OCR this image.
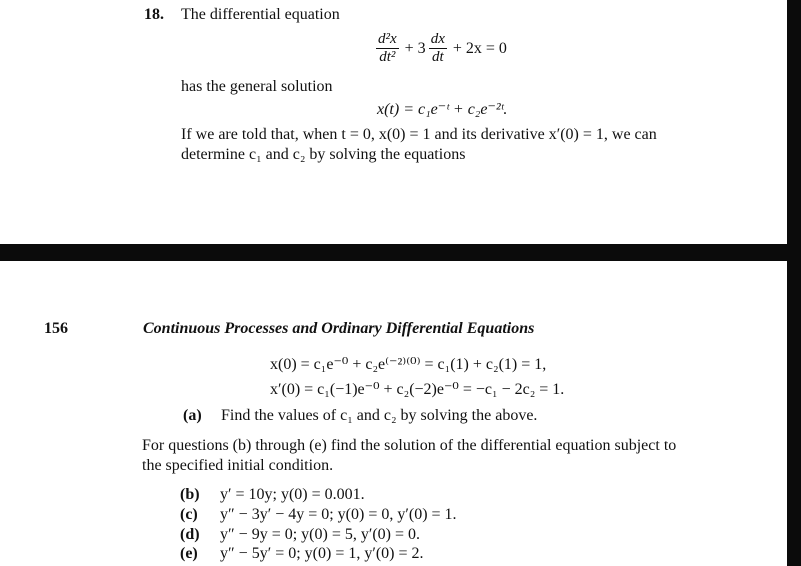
18. The differential equation
$\frac{\text{d²x}}{\text{dt²}} + 3 \frac{dx}{dt} + 2x = 0$
has the general solution
x(t) = c₁e⁻ᵗ + c₂e⁻²ᵗ.
If we are told that, when t = 0, x(0) = 1 and its derivative x′(0) = 1, we can
determine c₁ and c₂ by solving the equations
156	Continuous Processes and Ordinary Differential Equations
x(0) = c₁e⁻⁰ + c₂e⁽⁻²⁾⁽⁰⁾ = c₁(1) + c₂(1) = 1,
x′(0) = c₁(−1)e⁻⁰ + c₂(−2)e⁻⁰ = −c₁ − 2c₂ = 1.
(a) Find the values of c₁ and c₂ by solving the above.
For questions (b) through (e) find the solution of the differential equation subject to
the specified initial condition.
(b) y′ = 10y; y(0) = 0.001.
(c) y″ − 3y′ − 4y = 0; y(0) = 0, y′(0) = 1.
(d) y″ − 9y = 0; y(0) = 5, y′(0) = 0.
(e) y″ − 5y′ = 0; y(0) = 1, y′(0) = 2.
